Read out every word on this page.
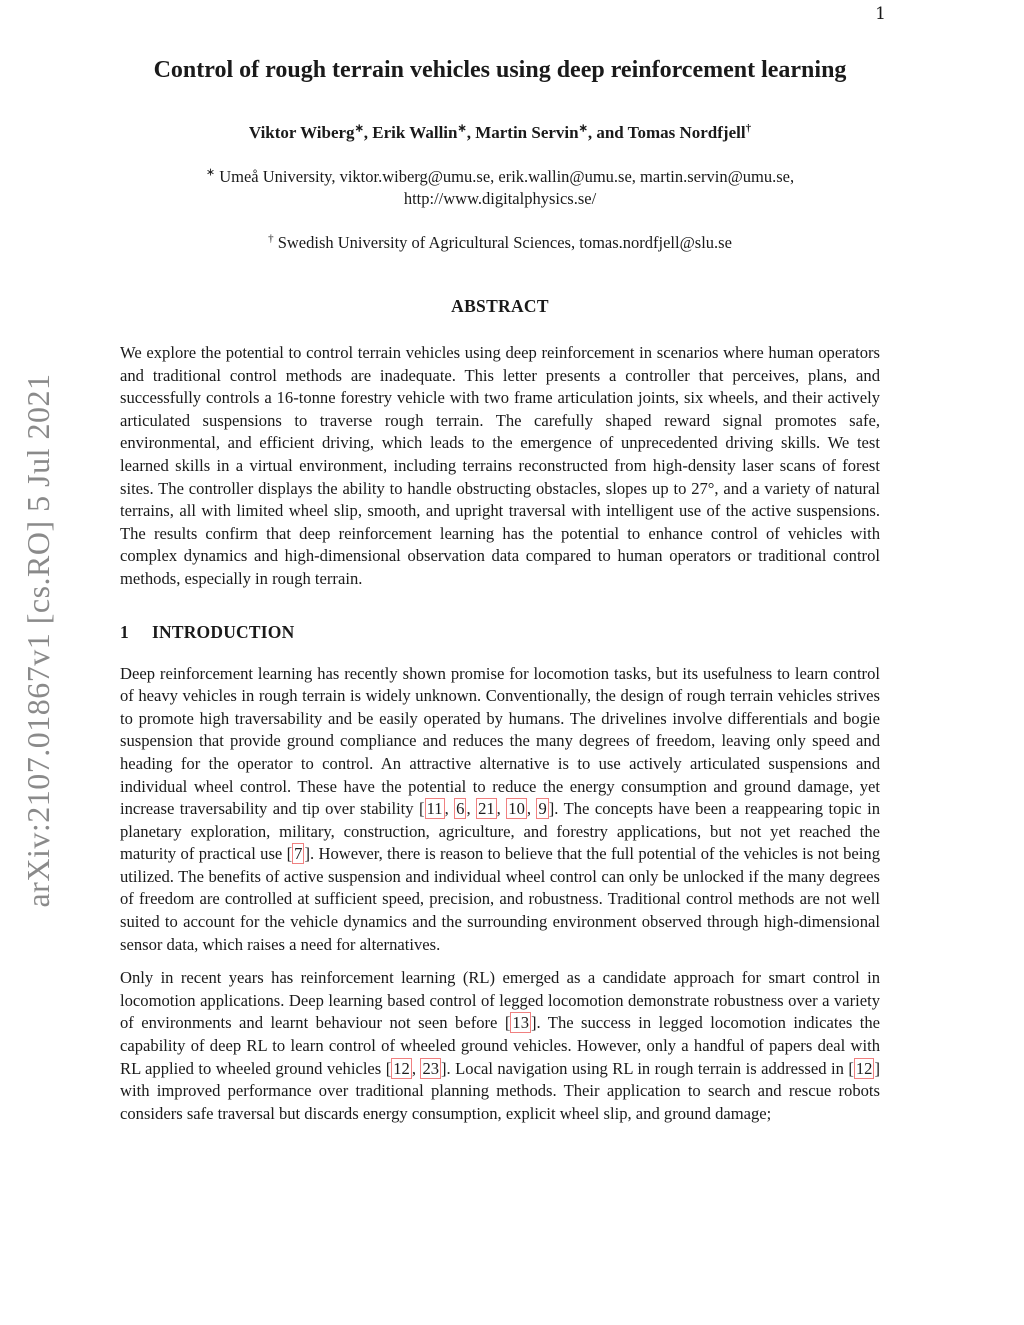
1
arXiv:2107.01867v1 [cs.RO] 5 Jul 2021
Control of rough terrain vehicles using deep reinforcement learning
Viktor Wiberg∗, Erik Wallin∗, Martin Servin∗, and Tomas Nordfjell†
∗ Umeå University, viktor.wiberg@umu.se, erik.wallin@umu.se, martin.servin@umu.se,
http://www.digitalphysics.se/
† Swedish University of Agricultural Sciences, tomas.nordfjell@slu.se
ABSTRACT

We explore the potential to control terrain vehicles using deep reinforcement in scenarios where human operators and traditional control methods are inadequate. This letter presents a controller that perceives, plans, and successfully controls a 16-tonne forestry vehicle with two frame articulation joints, six wheels, and their actively articulated suspensions to traverse rough terrain. The carefully shaped reward signal promotes safe, environmental, and efficient driving, which leads to the emergence of unprecedented driving skills. We test learned skills in a virtual environment, including terrains reconstructed from high-density laser scans of forest sites. The controller displays the ability to handle obstructing obstacles, slopes up to 27°, and a variety of natural terrains, all with limited wheel slip, smooth, and upright traversal with intelligent use of the active suspensions. The results confirm that deep reinforcement learning has the potential to enhance control of vehicles with complex dynamics and high-dimensional observation data compared to human operators or traditional control methods, especially in rough terrain.

1 INTRODUCTION

Deep reinforcement learning has recently shown promise for locomotion tasks, but its usefulness to learn control of heavy vehicles in rough terrain is widely unknown. Conventionally, the design of rough terrain vehicles strives to promote high traversability and be easily operated by humans. The drivelines involve differentials and bogie suspension that provide ground compliance and reduces the many degrees of freedom, leaving only speed and heading for the operator to control. An attractive alternative is to use actively articulated suspensions and individual wheel control. These have the potential to reduce the energy consumption and ground damage, yet increase traversability and tip over stability [ 11 , 6 , 21 , 10 , 9 ]. The concepts have been a reappearing topic in planetary exploration, military, construction, agriculture, and forestry applications, but not yet reached the maturity of practical use [ 7 ]. However, there is reason to believe that the full potential of the vehicles is not being utilized. The benefits of active suspension and individual wheel control can only be unlocked if the many degrees of freedom are controlled at sufficient speed, precision, and robustness. Traditional control methods are not well suited to account for the vehicle dynamics and the surrounding environment observed through high-dimensional sensor data, which raises a need for alternatives.

Only in recent years has reinforcement learning (RL) emerged as a candidate approach for smart control in locomotion applications. Deep learning based control of legged locomotion demonstrate robustness over a variety of environments and learnt behaviour not seen before [ 13 ]. The success in legged locomotion indicates the capability of deep RL to learn control of wheeled ground vehicles. However, only a handful of papers deal with RL applied to wheeled ground vehicles [ 12 , 23 ]. Local navigation using RL in rough terrain is addressed in [ 12 ] with improved performance over traditional planning methods. Their application to search and rescue robots considers safe traversal but discards energy consumption, explicit wheel slip, and ground damage;
